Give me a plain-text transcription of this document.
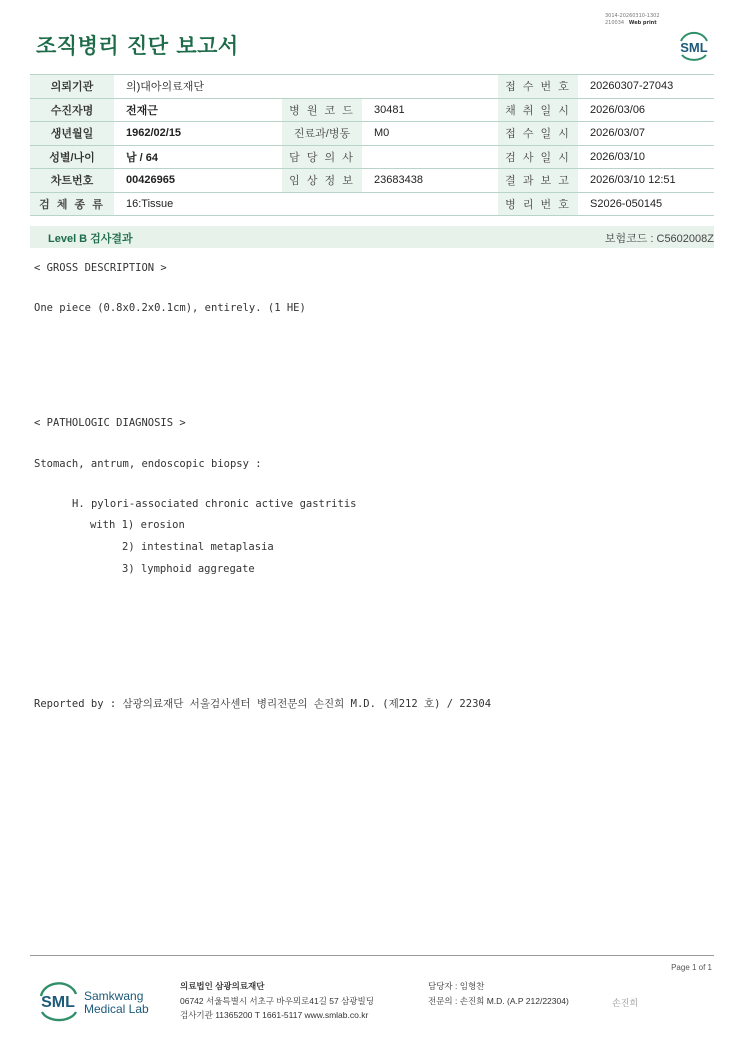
조직병리 진단 보고서
3014-20260310-1302
210034 Web print
SML
의뢰기관	의)대아의료재단			접 수 번 호	20260307-27043
수진자명	전재근	병 원 코 드	30481	채 취 일 시	2026/03/06
생년월일	1962/02/15	진료과/병동	M0	접 수 일 시	2026/03/07
성별/나이	남 / 64	담 당 의 사		검 사 일 시	2026/03/10
차트번호	00426965	임 상 정 보	23683438	결 과 보 고	2026/03/10 12:51
검 체 종 류	16:Tissue			병 리 번 호	S2026-050145
Level B 검사결과	보험코드 : C5602008Z
< GROSS DESCRIPTION >
One piece (0.8x0.2x0.1cm), entirely. (1 HE)
< PATHOLOGIC DIAGNOSIS >
Stomach, antrum, endoscopic biopsy :
H. pylori-associated chronic active gastritis
with 1) erosion
2) intestinal metaplasia
3) lymphoid aggregate
Reported by : 삼광의료재단 서울검사센터 병리전문의 손진희 M.D. (제212 호) / 22304
Page 1 of 1
SML Samkwang
Medical Lab
의료법인 삼광의료재단
06742 서울특별시 서초구 바우뫼로41길 57 삼광빌딩
검사기관 11365200 T 1661-5117 www.smlab.co.kr
담당자 : 임형찬
전문의 : 손진희 M.D. (A.P 212/22304)	손진희
